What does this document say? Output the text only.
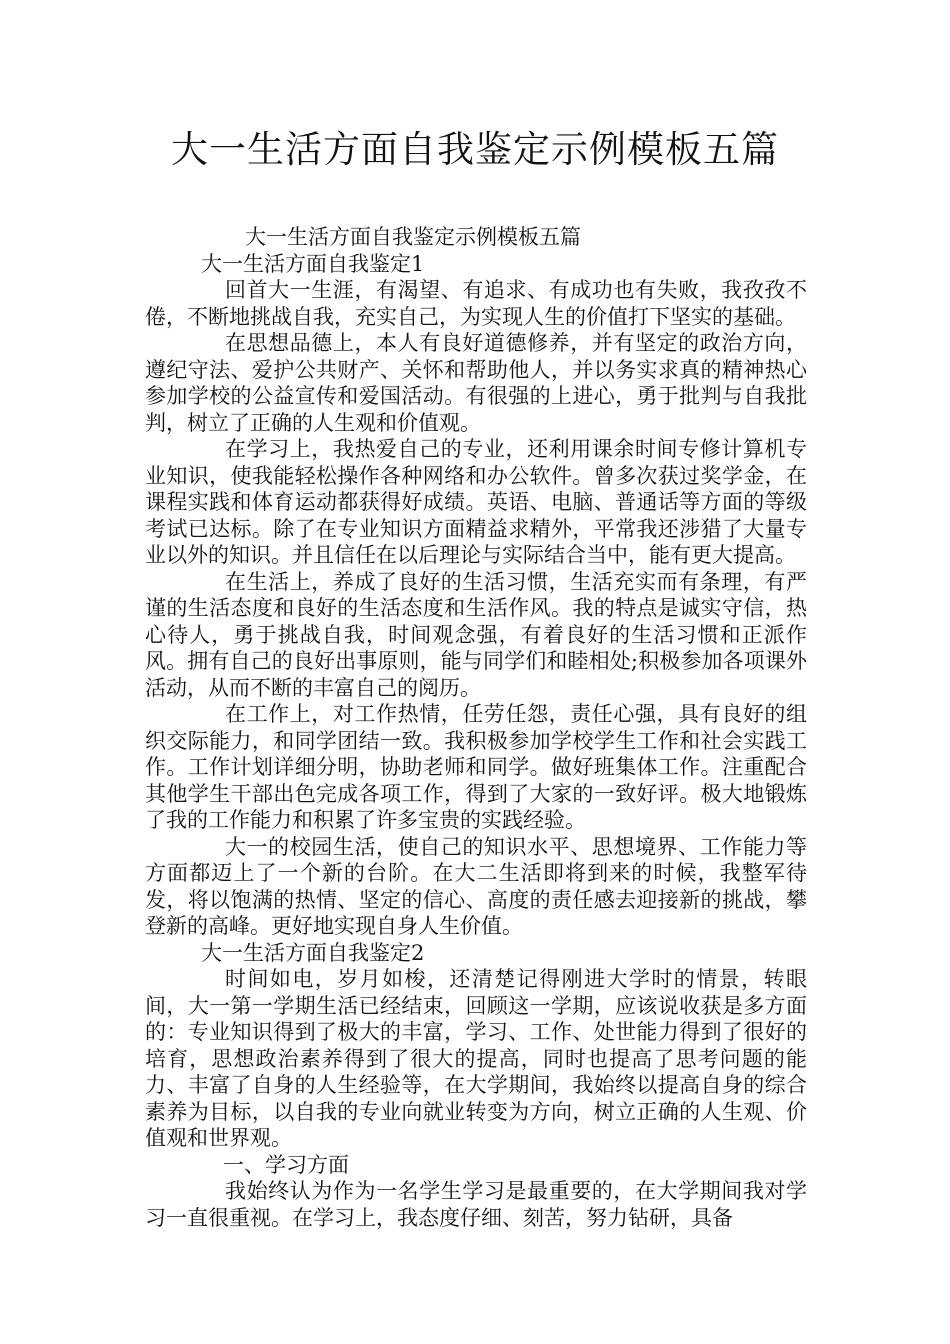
大一生活方面自我鉴定示例模板五篇

大一生活方面自我鉴定示例模板五篇

大一生活方面自我鉴定1

回首大一生涯，有渴望、有追求、有成功也有失败，我孜孜不倦，不断地挑战自我，充实自己，为实现人生的价值打下坚实的基础。

在思想品德上，本人有良好道德修养，并有坚定的政治方向，遵纪守法、爱护公共财产、关怀和帮助他人，并以务实求真的精神热心参加学校的公益宣传和爱国活动。有很强的上进心，勇于批判与自我批判，树立了正确的人生观和价值观。

在学习上，我热爱自己的专业，还利用课余时间专修计算机专业知识，使我能轻松操作各种网络和办公软件。曾多次获过奖学金，在课程实践和体育运动都获得好成绩。英语、电脑、普通话等方面的等级考试已达标。除了在专业知识方面精益求精外，平常我还涉猎了大量专业以外的知识。并且信任在以后理论与实际结合当中，能有更大提高。

在生活上，养成了良好的生活习惯，生活充实而有条理，有严谨的生活态度和良好的生活态度和生活作风。我的特点是诚实守信，热心待人，勇于挑战自我，时间观念强，有着良好的生活习惯和正派作风。拥有自己的良好出事原则，能与同学们和睦相处;积极参加各项课外活动，从而不断的丰富自己的阅历。

在工作上，对工作热情，任劳任怨，责任心强，具有良好的组织交际能力，和同学团结一致。我积极参加学校学生工作和社会实践工作。工作计划详细分明，协助老师和同学。做好班集体工作。注重配合其他学生干部出色完成各项工作，得到了大家的一致好评。极大地锻炼了我的工作能力和积累了许多宝贵的实践经验。

大一的校园生活，使自己的知识水平、思想境界、工作能力等方面都迈上了一个新的台阶。在大二生活即将到来的时候，我整军待发，将以饱满的热情、坚定的信心、高度的责任感去迎接新的挑战，攀登新的高峰。更好地实现自身人生价值。

大一生活方面自我鉴定2

时间如电，岁月如梭，还清楚记得刚进大学时的情景，转眼间，大一第一学期生活已经结束，回顾这一学期，应该说收获是多方面的：专业知识得到了极大的丰富，学习、工作、处世能力得到了很好的培育，思想政治素养得到了很大的提高，同时也提高了思考问题的能力、丰富了自身的人生经验等，在大学期间，我始终以提高自身的综合素养为目标，以自我的专业向就业转变为方向，树立正确的人生观、价值观和世界观。

一、学习方面

我始终认为作为一名学生学习是最重要的，在大学期间我对学习一直很重视。在学习上，我态度仔细、刻苦，努力钻研，具备
